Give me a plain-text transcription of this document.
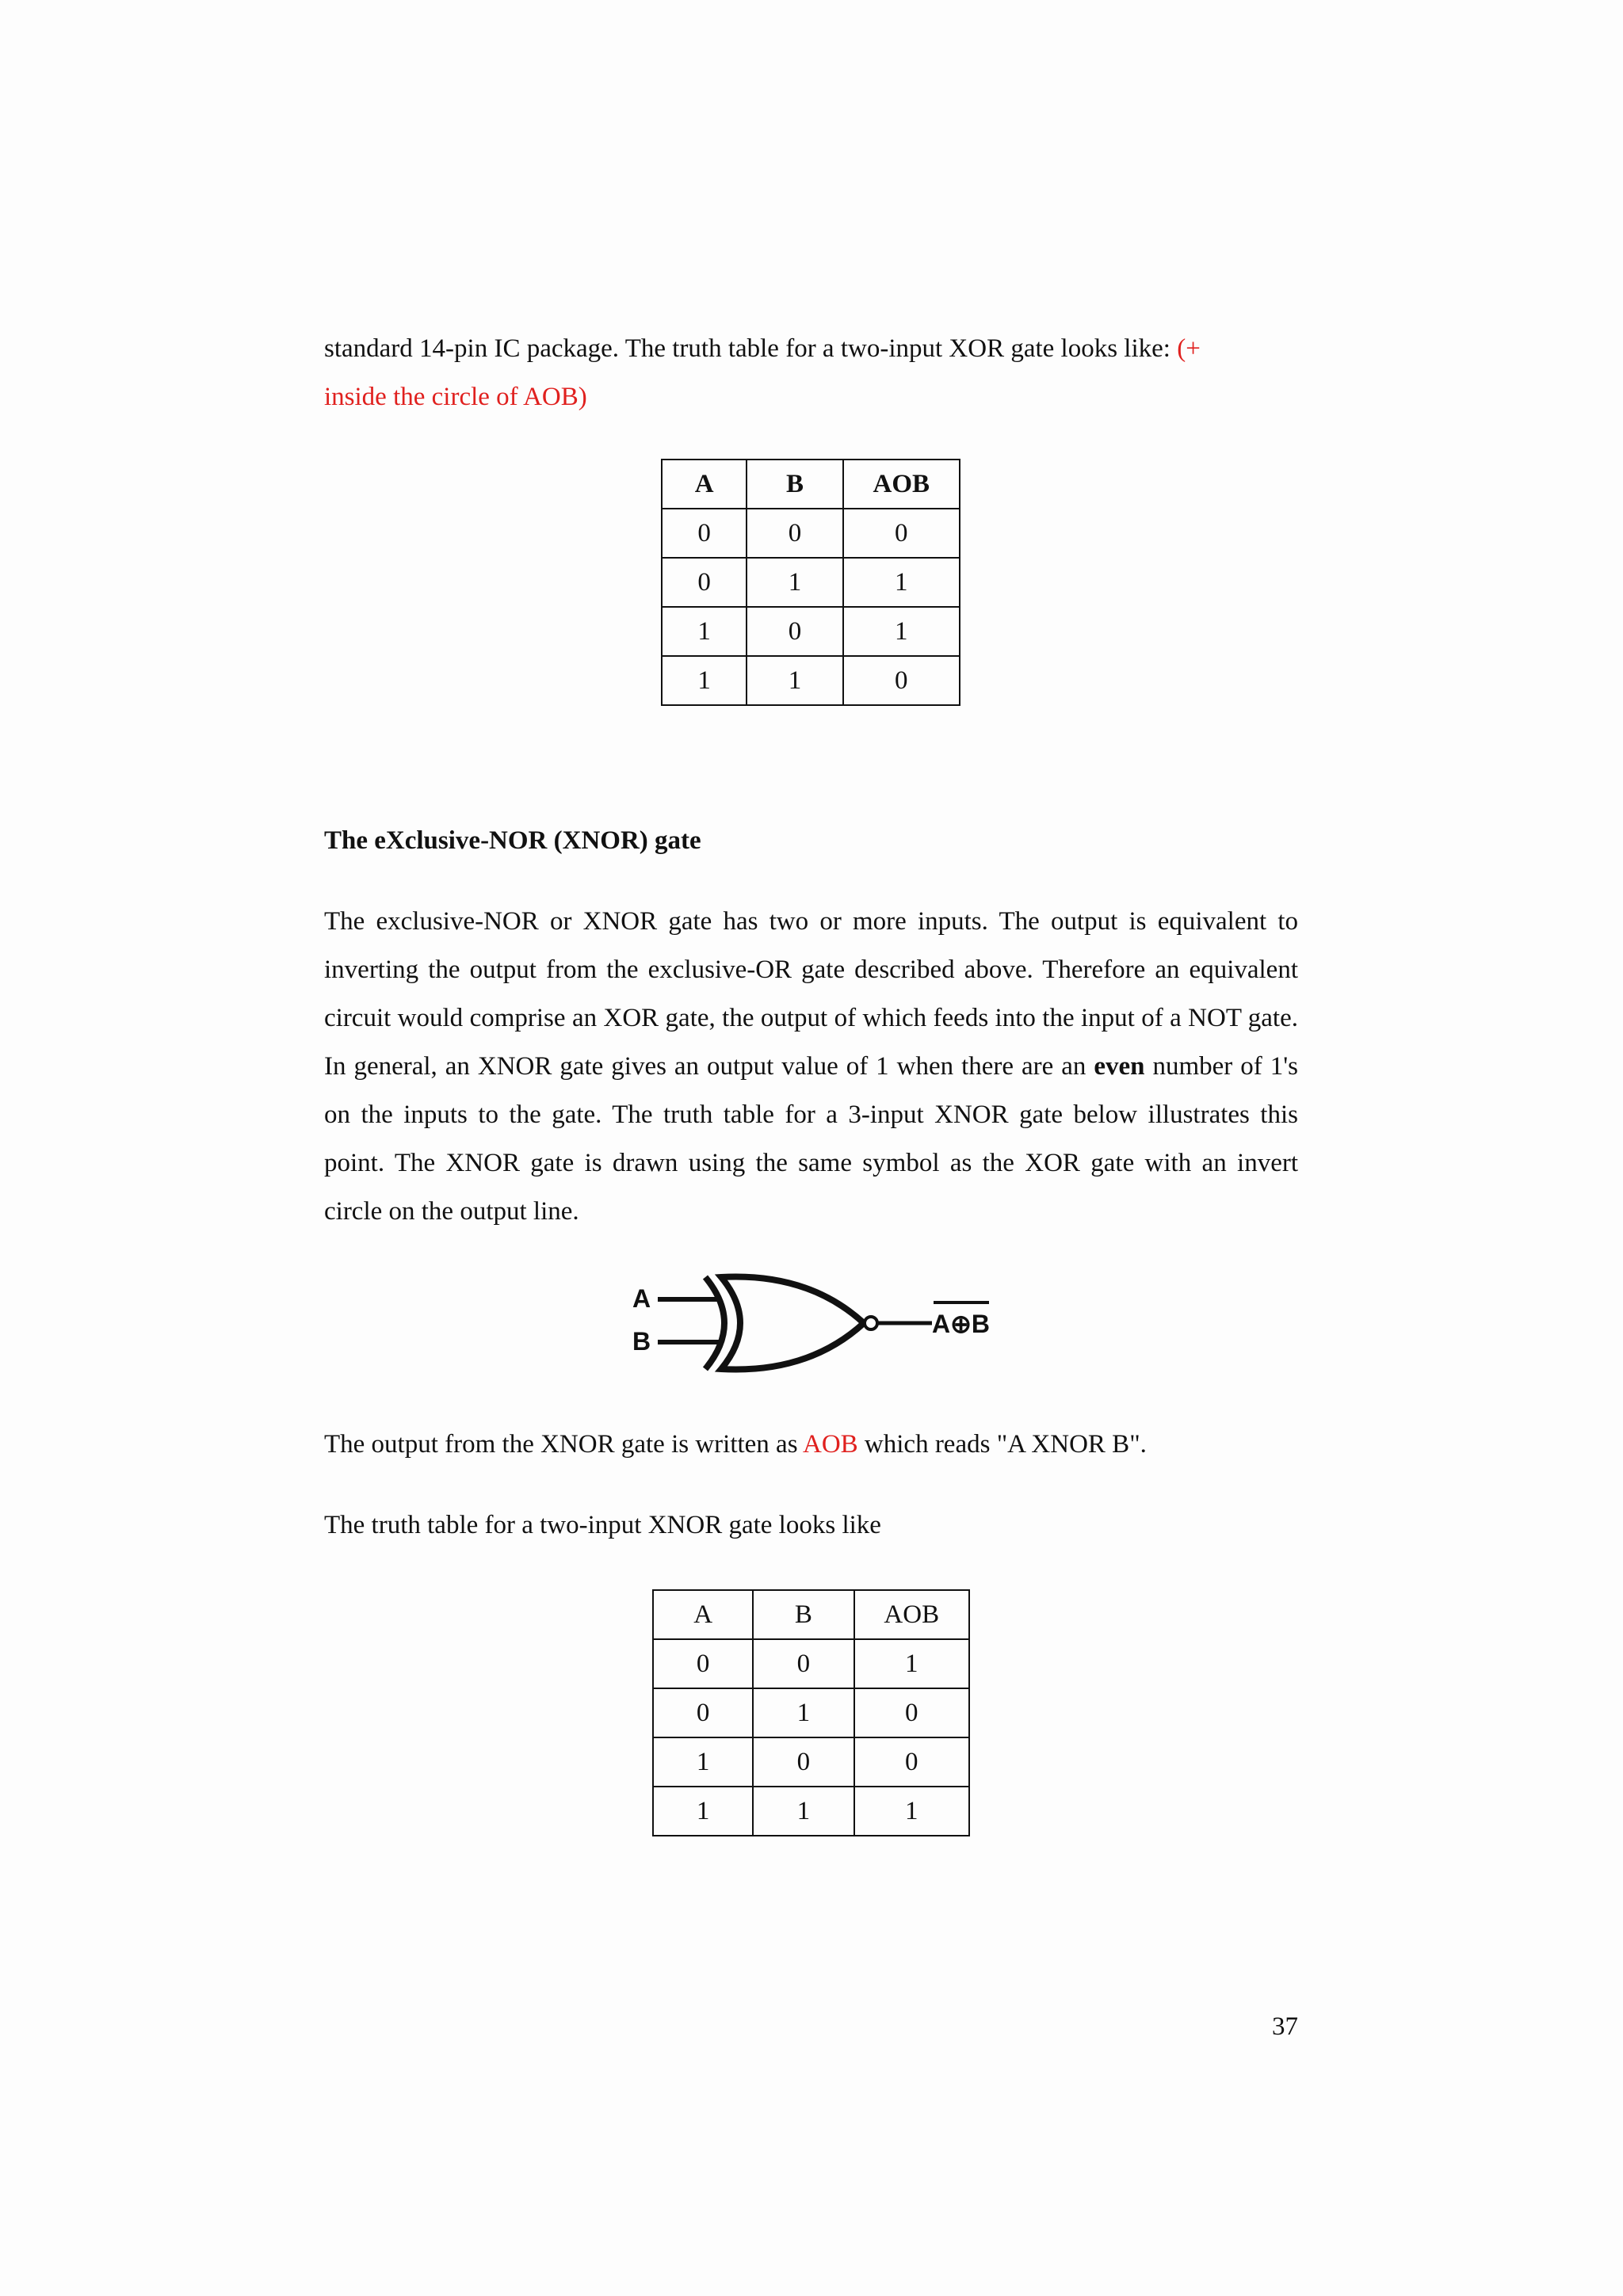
standard 14-pin IC package. The truth table for a two-input XOR gate looks like: (+
inside the circle of AOB)

A	B	AOB
0	0	0
0	1	1
1	0	1
1	1	0

The eXclusive-NOR (XNOR) gate

The exclusive-NOR or XNOR gate has two or more inputs. The output is equivalent to inverting the output from the exclusive-OR gate described above. Therefore an equivalent circuit would comprise an XOR gate, the output of which feeds into the input of a NOT gate. In general, an XNOR gate gives an output value of 1 when there are an even number of 1's on the inputs to the gate. The truth table for a 3-input XNOR gate below illustrates this point. The XNOR gate is drawn using the same symbol as the XOR gate with an invert circle on the output line.

A
B
A⊕B

The output from the XNOR gate is written as AOB which reads "A XNOR B".

The truth table for a two-input XNOR gate looks like

A	B	AOB
0	0	1
0	1	0
1	0	0
1	1	1
37
